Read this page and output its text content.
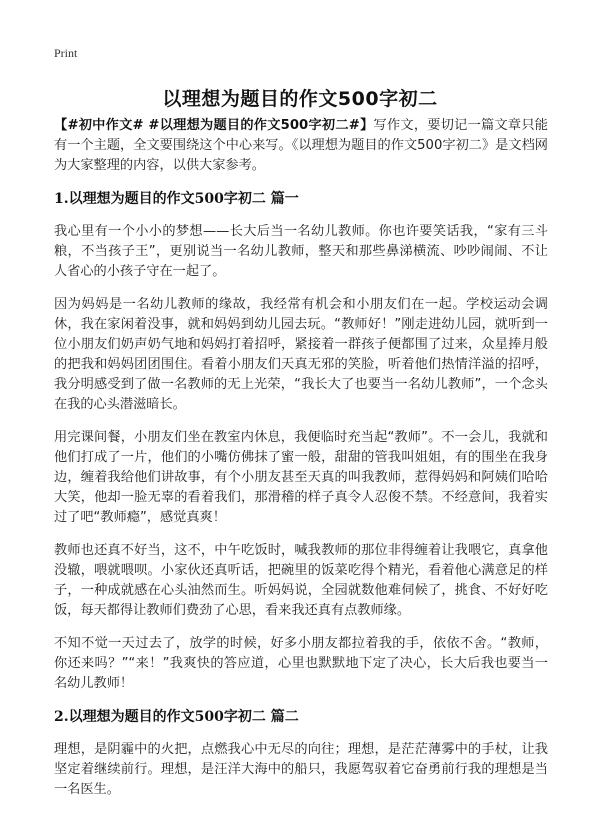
Print
以理想为题目的作文500字初二

【#初中作文# #以理想为题目的作文500字初二#】写作文，要切记一篇文章只能有一个主题，全文要围绕这个中心来写。《以理想为题目的作文500字初二》是文档网为大家整理的内容，以供大家参考。

1.以理想为题目的作文500字初二 篇一

我心里有一个小小的梦想——长大后当一名幼儿教师。你也许要笑话我，“家有三斗粮，不当孩子王”，更别说当一名幼儿教师，整天和那些鼻涕横流、吵吵闹闹、不让人省心的小孩子守在一起了。

因为妈妈是一名幼儿教师的缘故，我经常有机会和小朋友们在一起。学校运动会调休，我在家闲着没事，就和妈妈到幼儿园去玩。“教师好！”刚走进幼儿园，就听到一位小朋友们奶声奶气地和妈妈打着招呼，紧接着一群孩子便都围了过来，众星捧月般的把我和妈妈团团围住。看着小朋友们天真无邪的笑脸，听着他们热情洋溢的招呼，我分明感受到了做一名教师的无上光荣，“我长大了也要当一名幼儿教师”，一个念头在我的心头潜滋暗长。

用完课间餐，小朋友们坐在教室内休息，我便临时充当起“教师”。不一会儿，我就和他们打成了一片，他们的小嘴仿佛抹了蜜一般，甜甜的管我叫姐姐，有的围坐在我身边，缠着我给他们讲故事，有个小朋友甚至天真的叫我教师，惹得妈妈和阿姨们哈哈大笑，他却一脸无辜的看着我们，那滑稽的样子真令人忍俊不禁。不经意间，我着实过了吧“教师瘾”，感觉真爽！

教师也还真不好当，这不，中午吃饭时，喊我教师的那位非得缠着让我喂它，真拿他没辙，喂就喂呗。小家伙还真听话，把碗里的饭菜吃得个精光，看着他心满意足的样子，一种成就感在心头油然而生。听妈妈说，全园就数他难伺候了，挑食、不好好吃饭，每天都得让教师们费劲了心思，看来我还真有点教师缘。

不知不觉一天过去了，放学的时候，好多小朋友都拉着我的手，依依不舍。“教师，你还来吗？”“来！”我爽快的答应道，心里也默默地下定了决心，长大后我也要当一名幼儿教师！

2.以理想为题目的作文500字初二 篇二

理想，是阴霾中的火把，点燃我心中无尽的向往；理想，是茫茫薄雾中的手杖，让我坚定着继续前行。理想，是汪洋大海中的船只，我愿驾驭着它奋勇前行我的理想是当一名医生。
